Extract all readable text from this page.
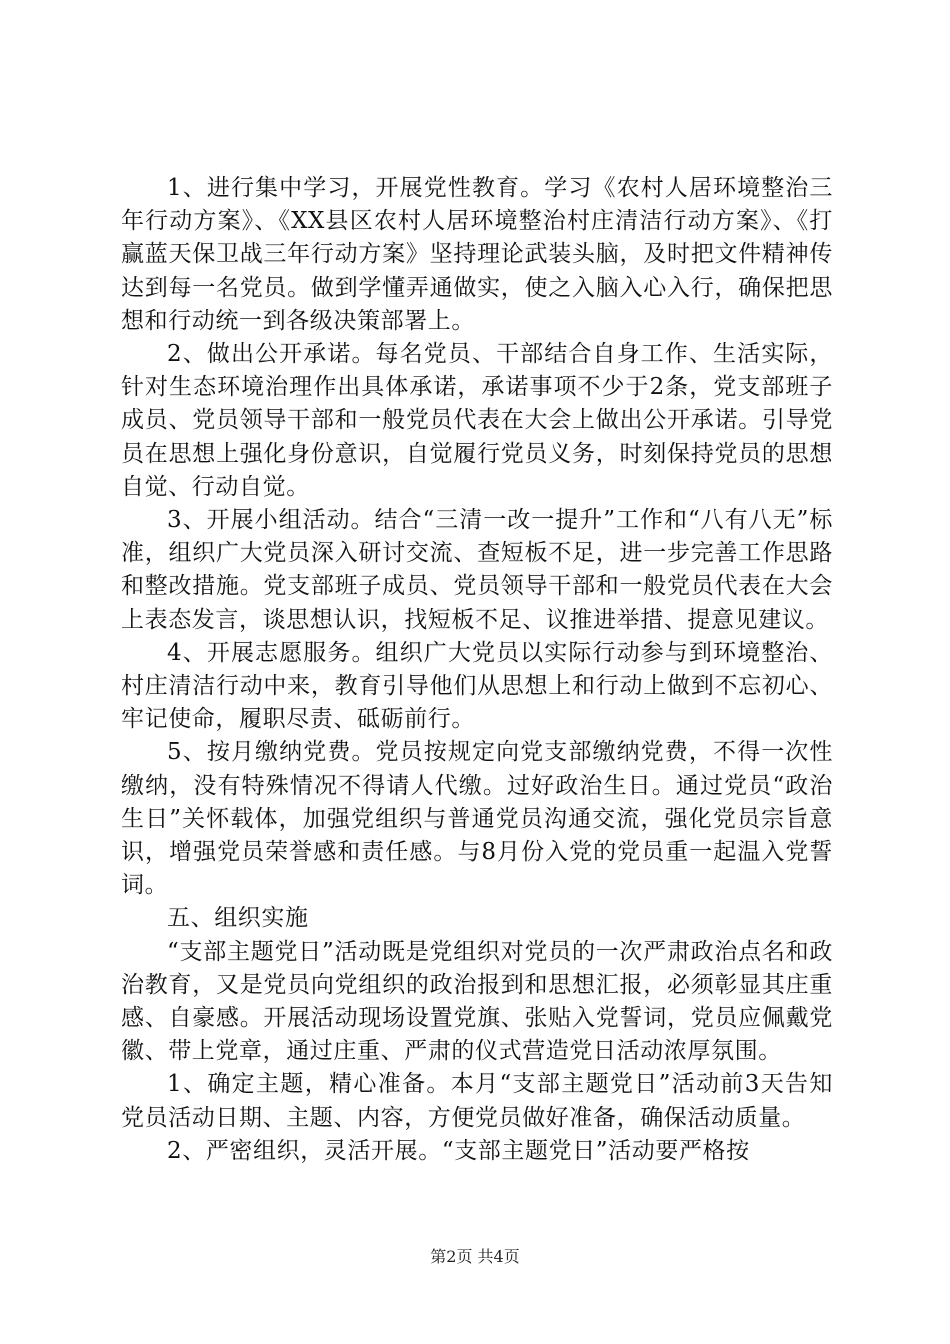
1、进行集中学习，开展党性教育。学习《农村人居环境整治三年行动方案》、《XX县区农村人居环境整治村庄清洁行动方案》、《打赢蓝天保卫战三年行动方案》坚持理论武装头脑，及时把文件精神传达到每一名党员。做到学懂弄通做实，使之入脑入心入行，确保把思想和行动统一到各级决策部署上。

2、做出公开承诺。每名党员、干部结合自身工作、生活实际，针对生态环境治理作出具体承诺，承诺事项不少于2条，党支部班子成员、党员领导干部和一般党员代表在大会上做出公开承诺。引导党员在思想上强化身份意识，自觉履行党员义务，时刻保持党员的思想自觉、行动自觉。

3、开展小组活动。结合“三清一改一提升”工作和“八有八无”标准，组织广大党员深入研讨交流、查短板不足，进一步完善工作思路和整改措施。党支部班子成员、党员领导干部和一般党员代表在大会上表态发言，谈思想认识，找短板不足、议推进举措、提意见建议。

4、开展志愿服务。组织广大党员以实际行动参与到环境整治、村庄清洁行动中来，教育引导他们从思想上和行动上做到不忘初心、牢记使命，履职尽责、砥砺前行。

5、按月缴纳党费。党员按规定向党支部缴纳党费，不得一次性缴纳，没有特殊情况不得请人代缴。过好政治生日。通过党员“政治生日”关怀载体，加强党组织与普通党员沟通交流，强化党员宗旨意识，增强党员荣誉感和责任感。与8月份入党的党员重一起温入党誓词。

五、组织实施

“支部主题党日”活动既是党组织对党员的一次严肃政治点名和政治教育，又是党员向党组织的政治报到和思想汇报，必须彰显其庄重感、自豪感。开展活动现场设置党旗、张贴入党誓词，党员应佩戴党徽、带上党章，通过庄重、严肃的仪式营造党日活动浓厚氛围。

1、确定主题，精心准备。本月“支部主题党日”活动前3天告知党员活动日期、主题、内容，方便党员做好准备，确保活动质量。

2、严密组织，灵活开展。“支部主题党日”活动要严格按

第2页 共4页
